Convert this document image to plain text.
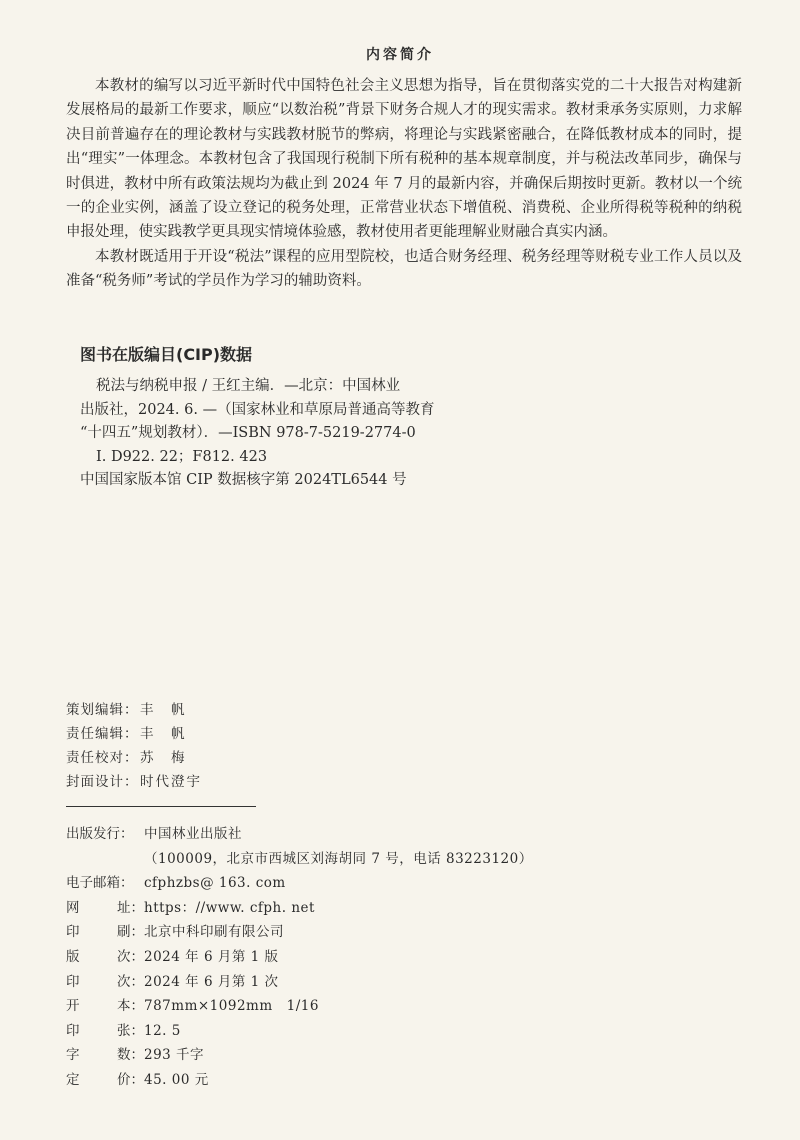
内容简介

本教材的编写以习近平新时代中国特色社会主义思想为指导，旨在贯彻落实党的二十大报告对构建新发展格局的最新工作要求，顺应“以数治税”背景下财务合规人才的现实需求。教材秉承务实原则，力求解决目前普遍存在的理论教材与实践教材脱节的弊病，将理论与实践紧密融合，在降低教材成本的同时，提出“理实”一体理念。本教材包含了我国现行税制下所有税种的基本规章制度，并与税法改革同步，确保与时俱进，教材中所有政策法规均为截止到 2024 年 7 月的最新内容，并确保后期按时更新。教材以一个统一的企业实例，涵盖了设立登记的税务处理，正常营业状态下增值税、消费税、企业所得税等税种的纳税申报处理，使实践教学更具现实情境体验感，教材使用者更能理解业财融合真实内涵。

本教材既适用于开设“税法”课程的应用型院校，也适合财务经理、税务经理等财税专业工作人员以及准备“税务师”考试的学员作为学习的辅助资料。

图书在版编目(CIP)数据
税法与纳税申报 / 王红主编．—北京：中国林业
出版社，2024. 6. —（国家林业和草原局普通高等教育
“十四五”规划教材）．—ISBN 978-7-5219-2774-0
Ⅰ. D922. 22；F812. 423
中国国家版本馆 CIP 数据核字第 2024TL6544 号
策划编辑： 丰　帆
责任编辑： 丰　帆
责任校对： 苏　梅
封面设计： 时代澄宇
出版发行： 中国林业出版社
（100009，北京市西城区刘海胡同 7 号，电话 83223120）
电子邮箱： cfphzbs@ 163. com
网	址： https：//www. cfph. net
印	刷： 北京中科印刷有限公司
版	次： 2024 年 6 月第 1 版
印	次： 2024 年 6 月第 1 次
开	本： 787mm×1092mm　1/16
印	张： 12. 5
字	数： 293 千字
定	价： 45. 00 元
